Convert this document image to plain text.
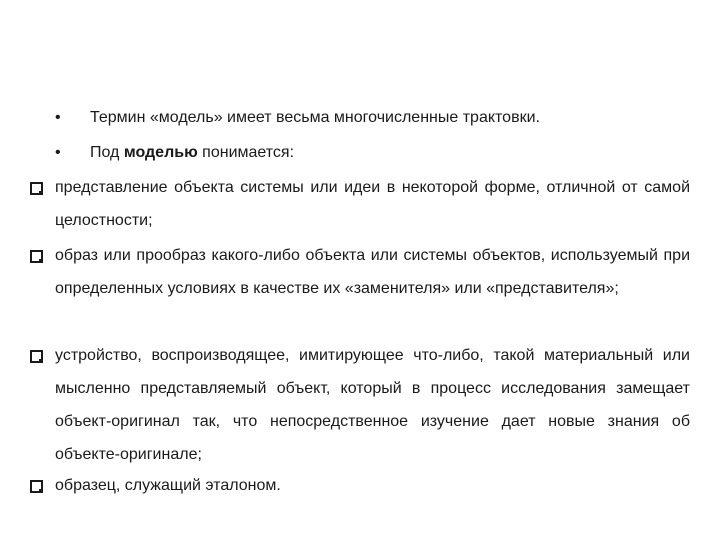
• Термин «модель» имеет весьма многочисленные трактовки.
• Под моделью понимается:
представление объекта системы или идеи в некоторой форме, отличной от самой целостности;
образ или прообраз какого-либо объекта или системы объектов, используемый при определенных условиях в качестве их «заменителя» или «представителя»;
устройство, воспроизводящее, имитирующее что-либо, такой материальный или мысленно представляемый объект, который в процесс исследования замещает объект-оригинал так, что непосредственное изучение дает новые знания об объекте-оригинале;
образец, служащий эталоном.
